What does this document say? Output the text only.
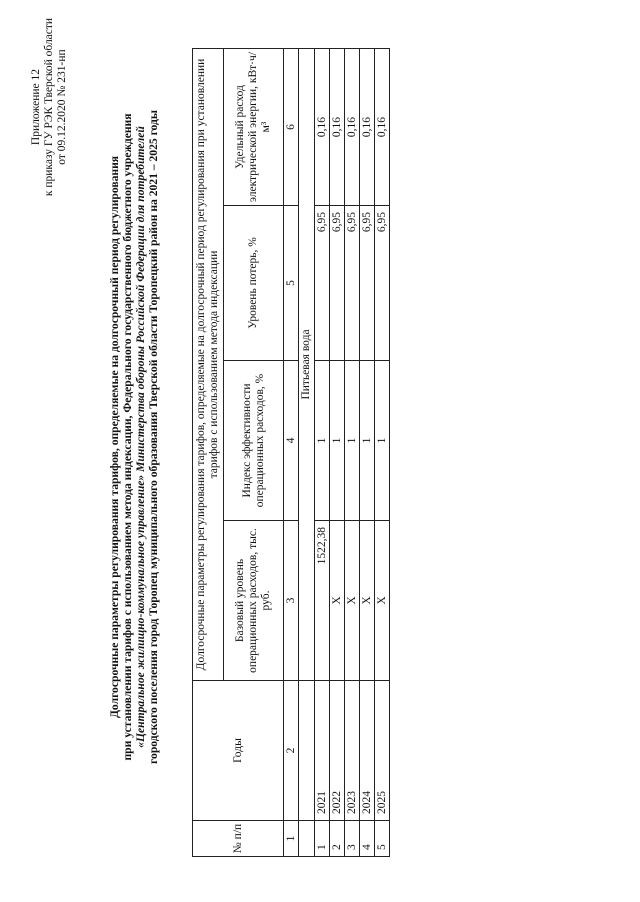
Приложение 12 к приказу ГУ РЭК Тверской области от 09.12.2020 № 231-нп
Долгосрочные параметры регулирования тарифов, определяемые на долгосрочный период регулирования при установлении тарифов с использованием метода индексации, Федерального государственного бюджетного учреждения «Центральное жилищно-коммунальное управление» Министерства обороны Российской Федерации для потребителей городского поселения город Торопец муниципального образования Тверской области Торопецкий район на 2021 – 2025 годы
№ п/п	Годы	Долгосрочные параметры регулирования тарифов, определяемые на долгосрочный период регулирования при установлении тарифов с использованием метода индексации			
		Базовый уровень операционных расходов, тыс. руб.	Индекс эффективности операционных расходов, %	Уровень потерь, %	Удельный расход электрической энергии, кВт·ч/м³
1	2	3	4	5	6
		Питьевая вода			
1	2021	1522,38	1	6,95	0,16
2	2022	X	1	6,95	0,16
3	2023	X	1	6,95	0,16
4	2024	X	1	6,95	0,16
5	2025	X	1	6,95	0,16
